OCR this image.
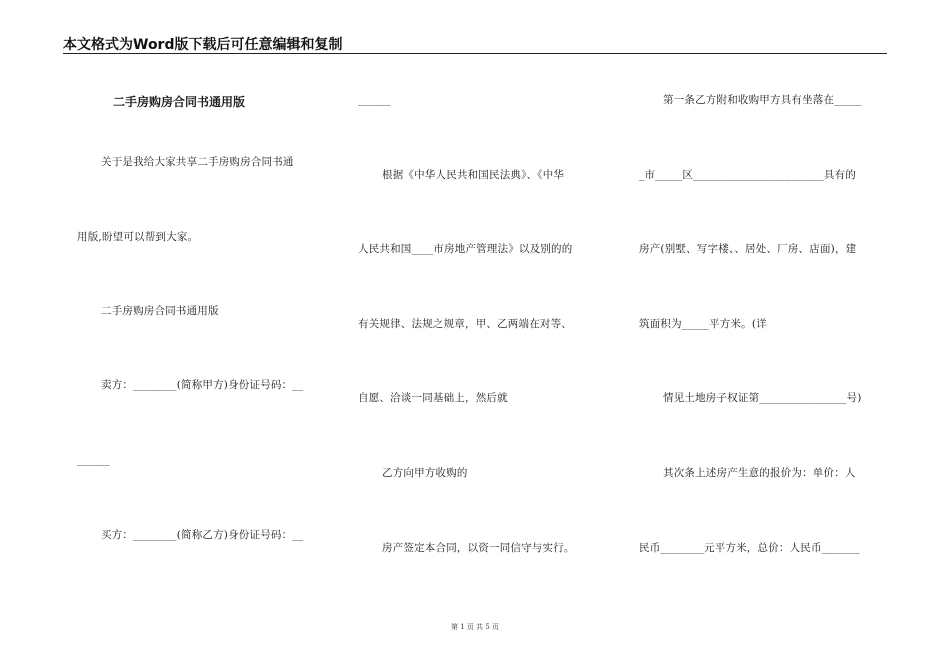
本文格式为Word版下载后可任意编辑和复制
二手房购房合同书通用版
关于是我给大家共享二手房购房合同书通
用版,盼望可以帮到大家。
二手房购房合同书通用版
卖方：________(简称甲方)身份证号码：__
______
买方：________(简称乙方)身份证号码：__
______
根据《中华人民共和国民法典》、《中华
人民共和国____市房地产管理法》以及别的的
有关规律、法规之规章，甲、乙两端在对等、
自愿、洽谈一同基础上，然后就
乙方向甲方收购的
房产签定本合同，以资一同信守与实行。
第一条乙方附和收购甲方具有坐落在_____
_市_____区________________________具有的
房产(别墅、写字楼、、居处、厂房、店面)，建
筑面积为_____平方米。(详
情见土地房子权证第________________号)
其次条上述房产生意的报价为：单价：人
民币________元平方米，总价：人民币_______
第 1 页 共 5 页
